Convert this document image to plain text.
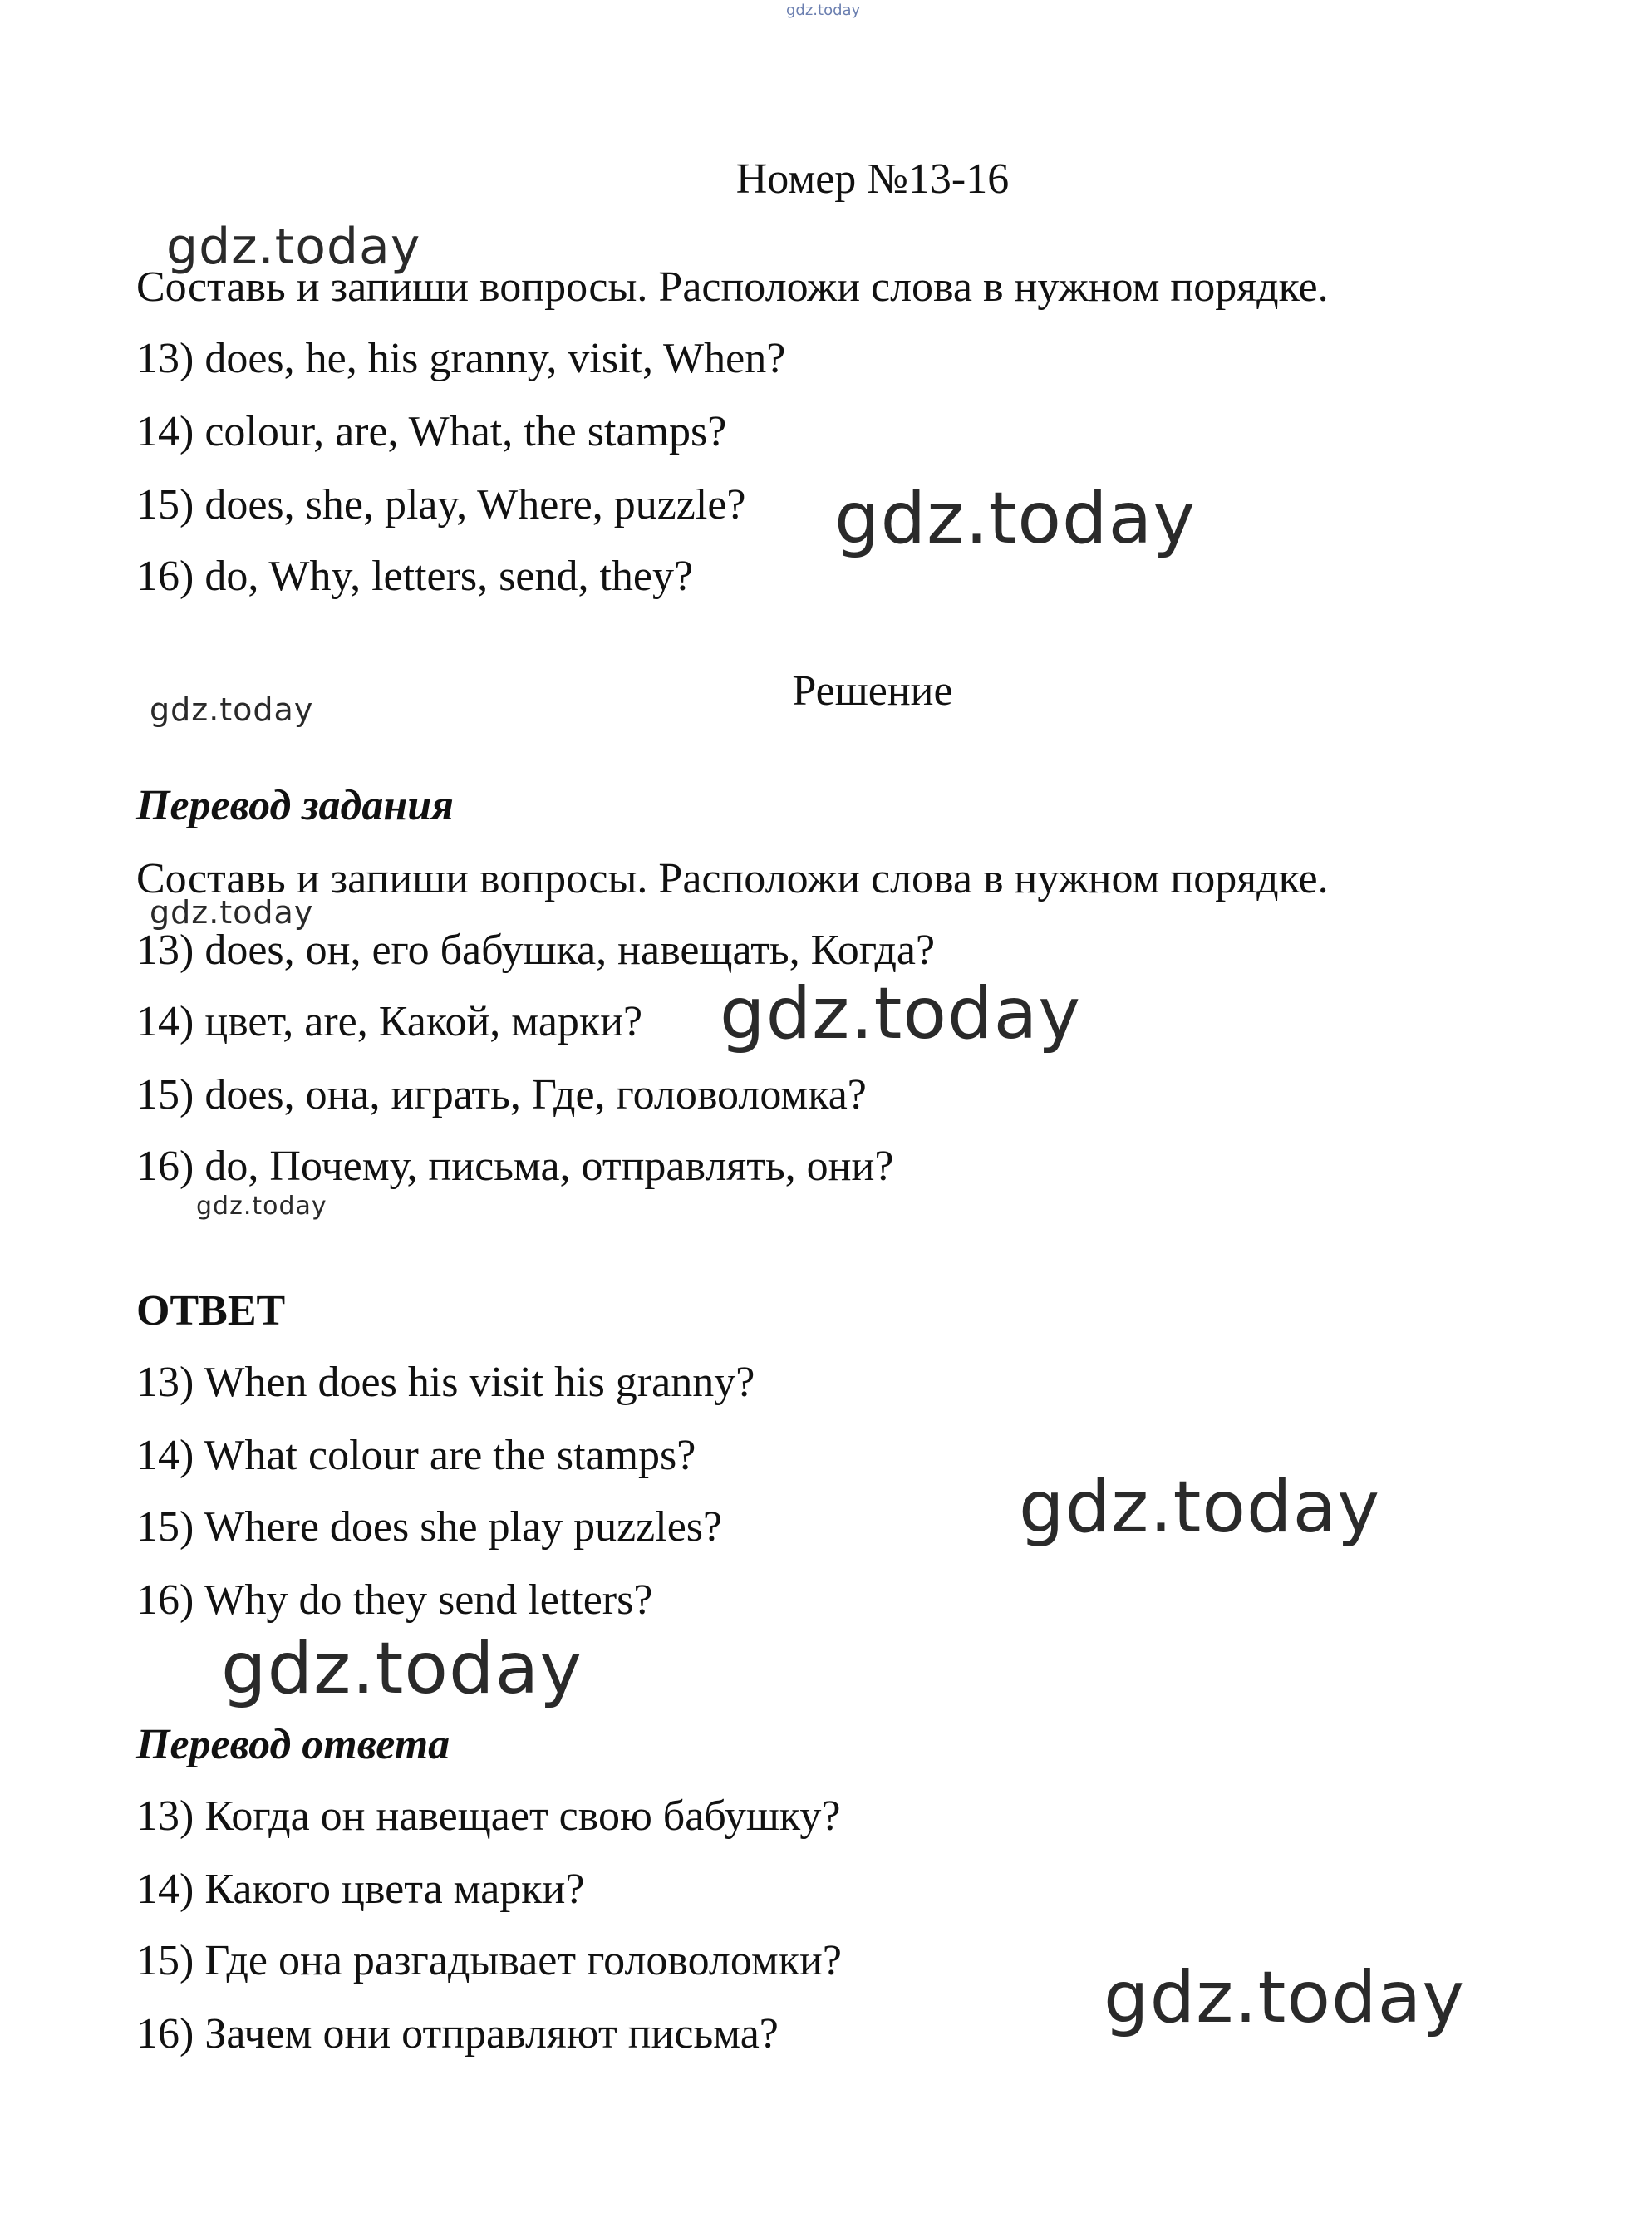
gdz.today
Номер №13-16
gdz.today
Составь и запиши вопросы. Расположи слова в нужном порядке.
13) does, he, his granny, visit, When?
14) colour, are, What, the stamps?
15) does, she, play, Where, puzzle? gdz.today
16) do, Why, letters, send, they?
gdz.today	Решение
Перевод задания
Составь и запиши вопросы. Расположи слова в нужном порядке.
gdz.today
13) does, он, его бабушка, навещать, Когда?
14) цвет, are, Какой, марки? gdz.today
15) does, она, играть, Где, головоломка?
16) do, Почему, письма, отправлять, они?
gdz.today
ОТВЕТ
13) When does his visit his granny?
14) What colour are the stamps?
gdz.today
15) Where does she play puzzles?
16) Why do they send letters?
gdz.today
Перевод ответа
13) Когда он навещает свою бабушку?
14) Какого цвета марки?
15) Где она разгадывает головоломки?	gdz.today
16) Зачем они отправляют письма?
